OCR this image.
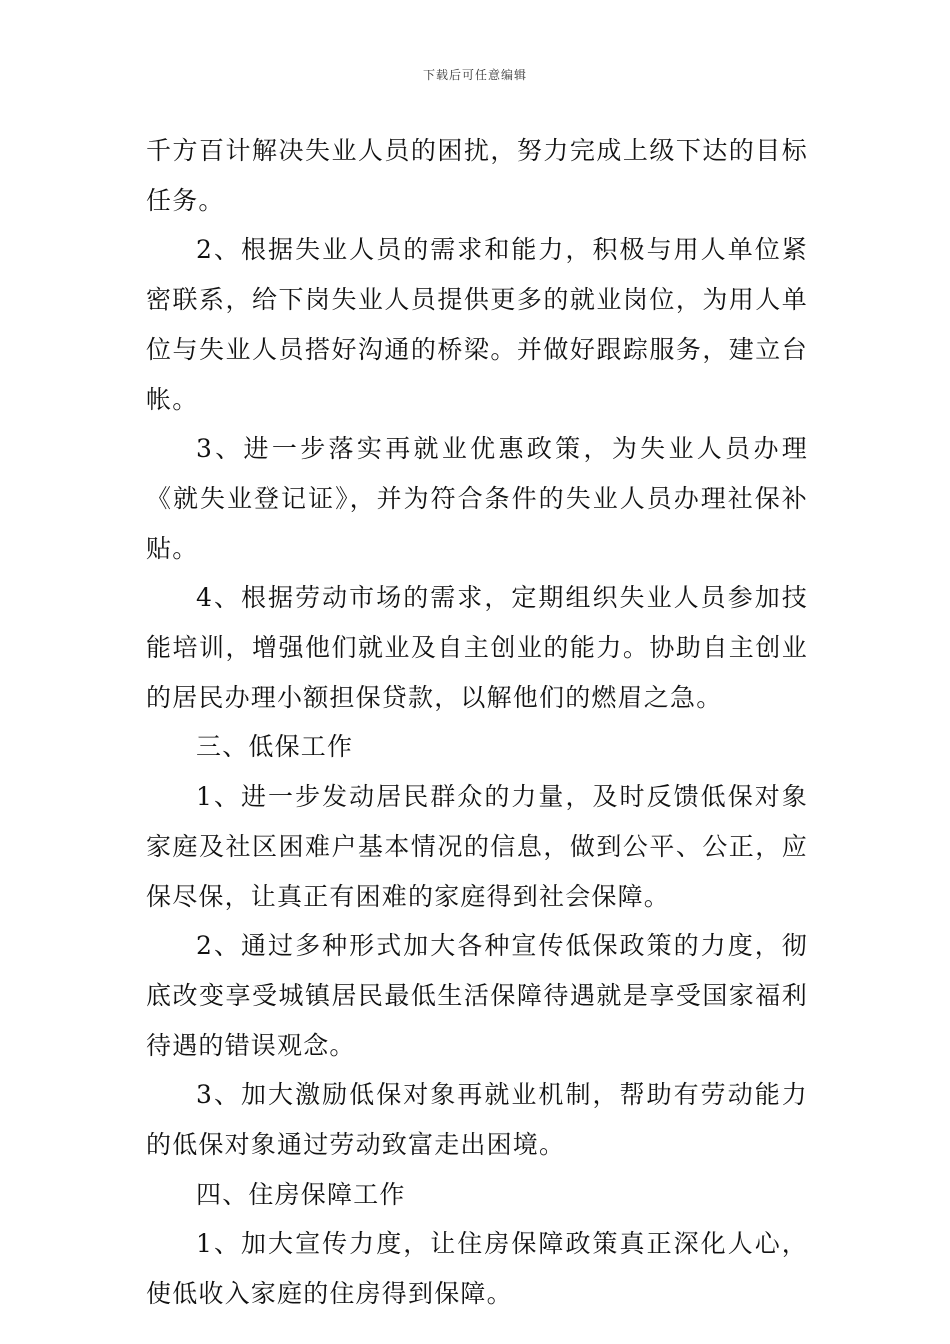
下载后可任意编辑

千方百计解决失业人员的困扰，努力完成上级下达的目标任务。

2、根据失业人员的需求和能力，积极与用人单位紧密联系，给下岗失业人员提供更多的就业岗位，为用人单位与失业人员搭好沟通的桥梁。并做好跟踪服务，建立台帐。

3、进一步落实再就业优惠政策，为失业人员办理《就失业登记证》，并为符合条件的失业人员办理社保补贴。

4、根据劳动市场的需求，定期组织失业人员参加技能培训，增强他们就业及自主创业的能力。协助自主创业的居民办理小额担保贷款，以解他们的燃眉之急。

三、低保工作

1、进一步发动居民群众的力量，及时反馈低保对象家庭及社区困难户基本情况的信息，做到公平、公正，应保尽保，让真正有困难的家庭得到社会保障。

2、通过多种形式加大各种宣传低保政策的力度，彻底改变享受城镇居民最低生活保障待遇就是享受国家福利待遇的错误观念。

3、加大激励低保对象再就业机制，帮助有劳动能力的低保对象通过劳动致富走出困境。

四、住房保障工作

1、加大宣传力度，让住房保障政策真正深化人心，使低收入家庭的住房得到保障。
